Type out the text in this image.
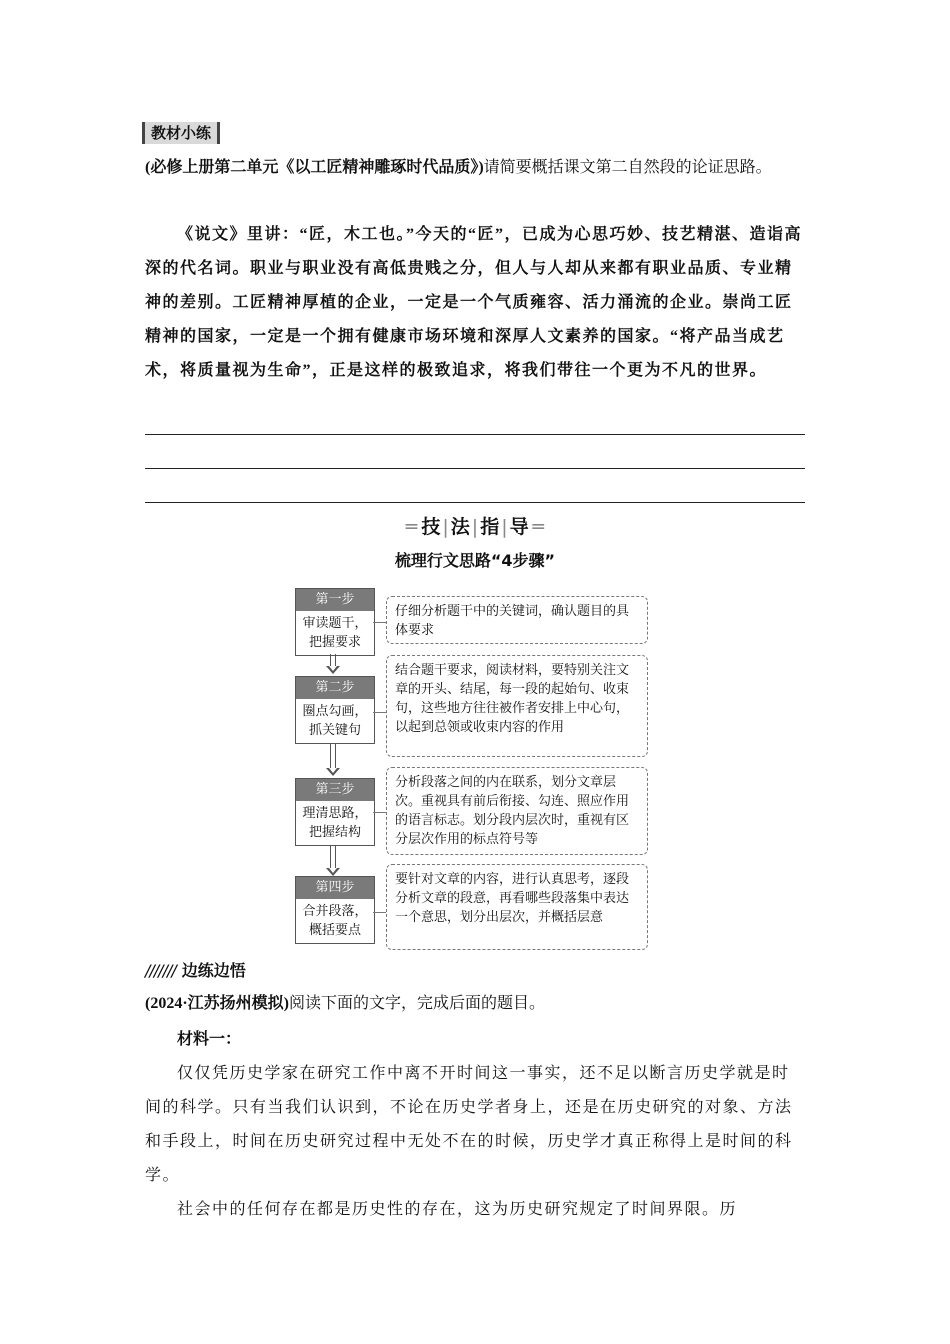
教材小练

(必修上册第二单元《以工匠精神雕琢时代品质》)请简要概括课文第二自然段的论证思路。

《说文》里讲：“匠，木工也。”今天的“匠”，已成为心思巧妙、技艺精湛、造诣高深的代名词。职业与职业没有高低贵贱之分，但人与人却从来都有职业品质、专业精神的差别。工匠精神厚植的企业，一定是一个气质雍容、活力涌流的企业。崇尚工匠精神的国家，一定是一个拥有健康市场环境和深厚人文素养的国家。“将产品当成艺术，将质量视为生命”，正是这样的极致追求，将我们带往一个更为不凡的世界。

═ 技 | 法 | 指 | 导 ═
梳理行文思路“4步骤”
第一步
审读题干，
把握要求
仔细分析题干中的关键词，确认题目的具体要求
第二步
圈点勾画，
抓关键句
结合题干要求，阅读材料，要特别关注文章的开头、结尾，每一段的起始句、收束句，这些地方往往被作者安排上中心句，以起到总领或收束内容的作用
第三步
理清思路，
把握结构
分析段落之间的内在联系，划分文章层次。重视具有前后衔接、勾连、照应作用的语言标志。划分段内层次时，重视有区分层次作用的标点符号等
第四步
合并段落，
概括要点
要针对文章的内容，进行认真思考，逐段分析文章的段意，再看哪些段落集中表达一个意思，划分出层次，并概括层意
/////// 边练边悟

(2024·江苏扬州模拟)阅读下面的文字，完成后面的题目。

材料一：

仅仅凭历史学家在研究工作中离不开时间这一事实，还不足以断言历史学就是时间的科学。只有当我们认识到，不论在历史学者身上，还是在历史研究的对象、方法和手段上，时间在历史研究过程中无处不在的时候，历史学才真正称得上是时间的科学。

社会中的任何存在都是历史性的存在，这为历史研究规定了时间界限。历
